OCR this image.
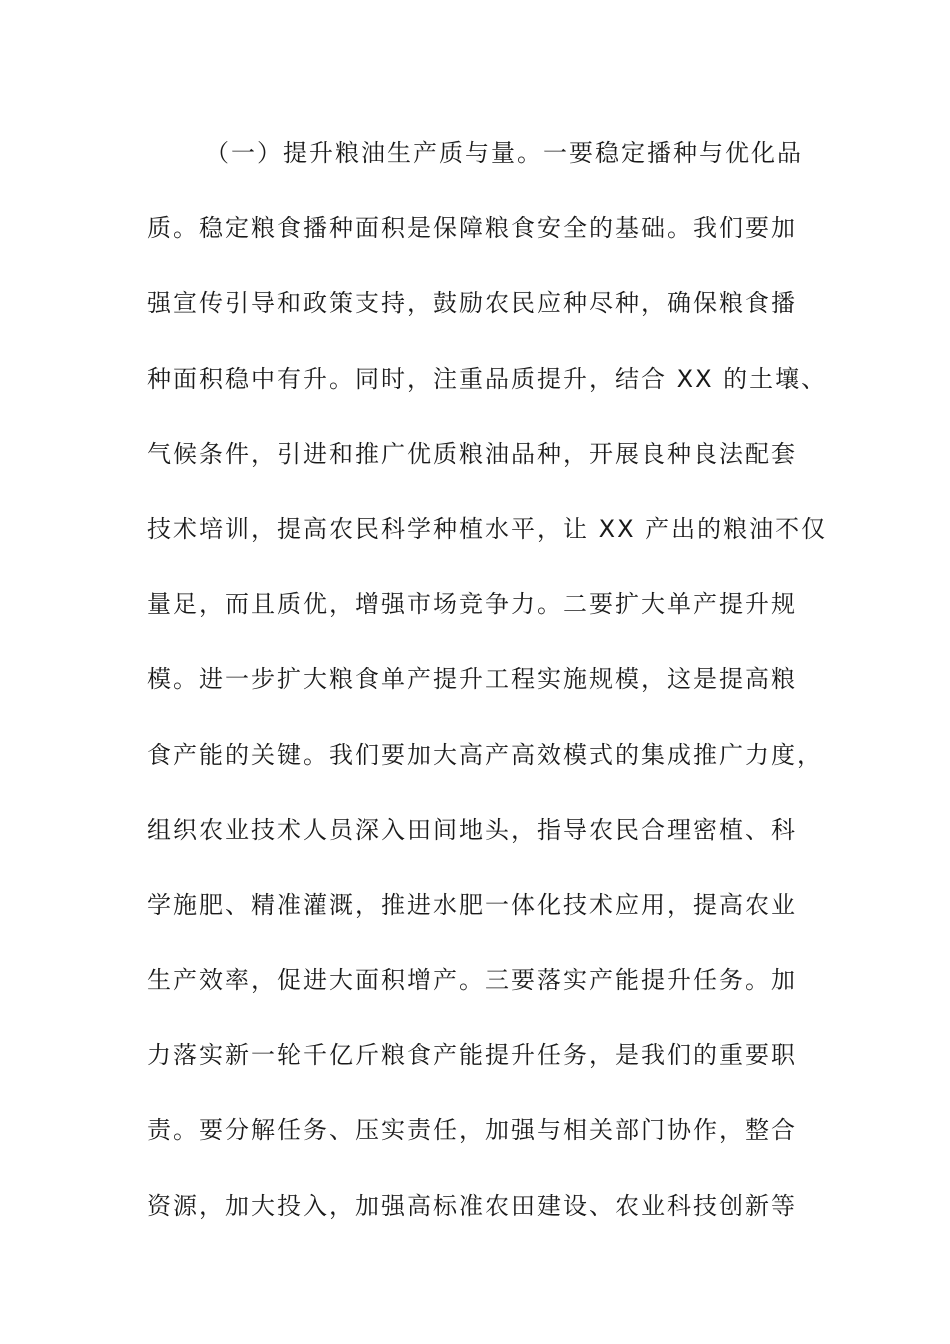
（一）提升粮油生产质与量。一要稳定播种与优化品
质。稳定粮食播种面积是保障粮食安全的基础。我们要加
强宣传引导和政策支持，鼓励农民应种尽种，确保粮食播
种面积稳中有升。同时，注重品质提升，结合 XX 的土壤、
气候条件，引进和推广优质粮油品种，开展良种良法配套
技术培训，提高农民科学种植水平，让 XX 产出的粮油不仅
量足，而且质优，增强市场竞争力。二要扩大单产提升规
模。进一步扩大粮食单产提升工程实施规模，这是提高粮
食产能的关键。我们要加大高产高效模式的集成推广力度，
组织农业技术人员深入田间地头，指导农民合理密植、科
学施肥、精准灌溉，推进水肥一体化技术应用，提高农业
生产效率，促进大面积增产。三要落实产能提升任务。加
力落实新一轮千亿斤粮食产能提升任务，是我们的重要职
责。要分解任务、压实责任，加强与相关部门协作，整合
资源，加大投入，加强高标准农田建设、农业科技创新等
